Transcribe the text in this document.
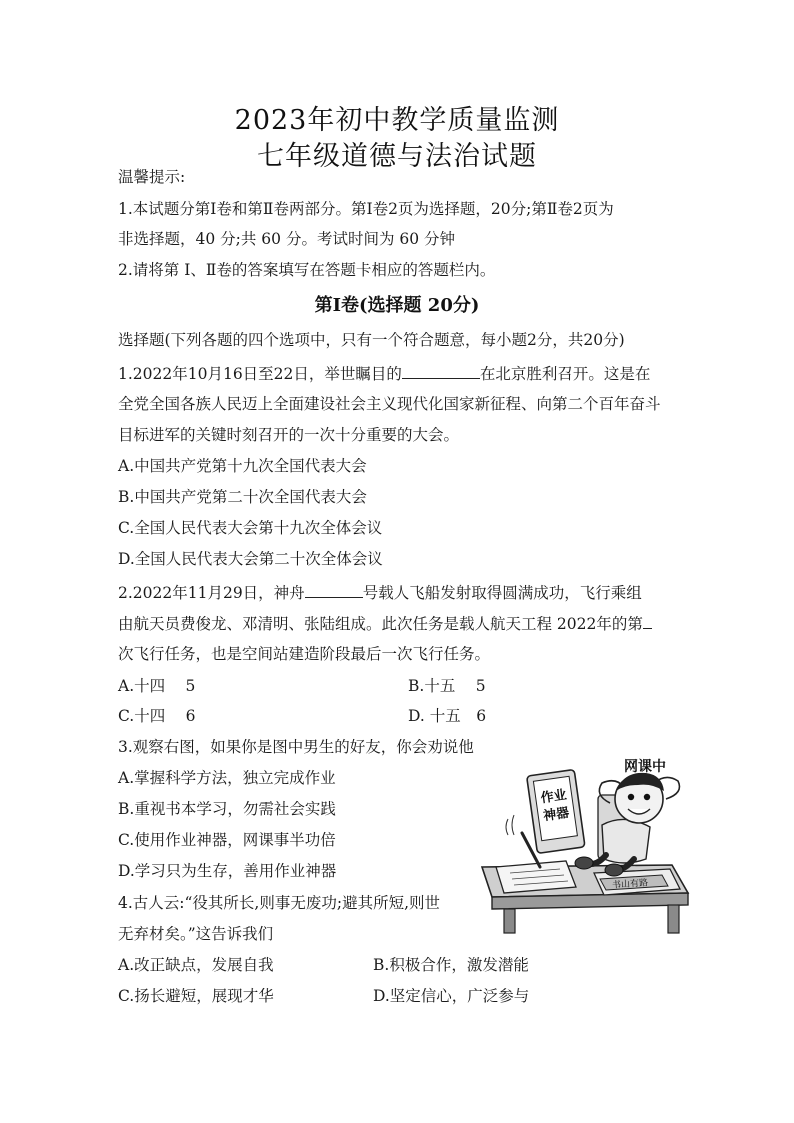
2023年初中教学质量监测
七年级道德与法治试题
温馨提示:
1.本试题分第Ⅰ卷和第Ⅱ卷两部分。第Ⅰ卷2页为选择题，20分;第Ⅱ卷2页为
非选择题，40 分;共 60 分。考试时间为 60 分钟
2.请将第 Ⅰ、Ⅱ卷的答案填写在答题卡相应的答题栏内。
第Ⅰ卷(选择题 20分)
选择题(下列各题的四个选项中，只有一个符合题意，每小题2分，共20分)
1.2022年10月16日至22日，举世瞩目的	在北京胜利召开。这是在
全党全国各族人民迈上全面建设社会主义现代化国家新征程、向第二个百年奋斗
目标进军的关键时刻召开的一次十分重要的大会。
A.中国共产党第十九次全国代表大会
B.中国共产党第二十次全国代表大会
C.全国人民代表大会第十九次全体会议
D.全国人民代表大会第二十次全体会议
2.2022年11月29日，神舟	号载人飞船发射取得圆满成功，飞行乘组
由航天员费俊龙、邓清明、张陆组成。此次任务是载人航天工程 2022年的第
次飞行任务，也是空间站建造阶段最后一次飞行任务。
A.十四　 5	B.十五　 5
C.十四　 6	D. 十五　6
3.观察右图，如果你是图中男生的好友，你会劝说他
A.掌握科学方法，独立完成作业
B.重视书本学习，勿需社会实践
C.使用作业神器，网课事半功倍
D.学习只为生存，善用作业神器
4.古人云:“役其所长,则事无废功;避其所短,则世
无弃材矣。”这告诉我们
A.改正缺点，发展自我	B.积极合作，激发潜能
C.扬长避短，展现才华	D.坚定信心，广泛参与
书山有路
作业
神器
网课中
